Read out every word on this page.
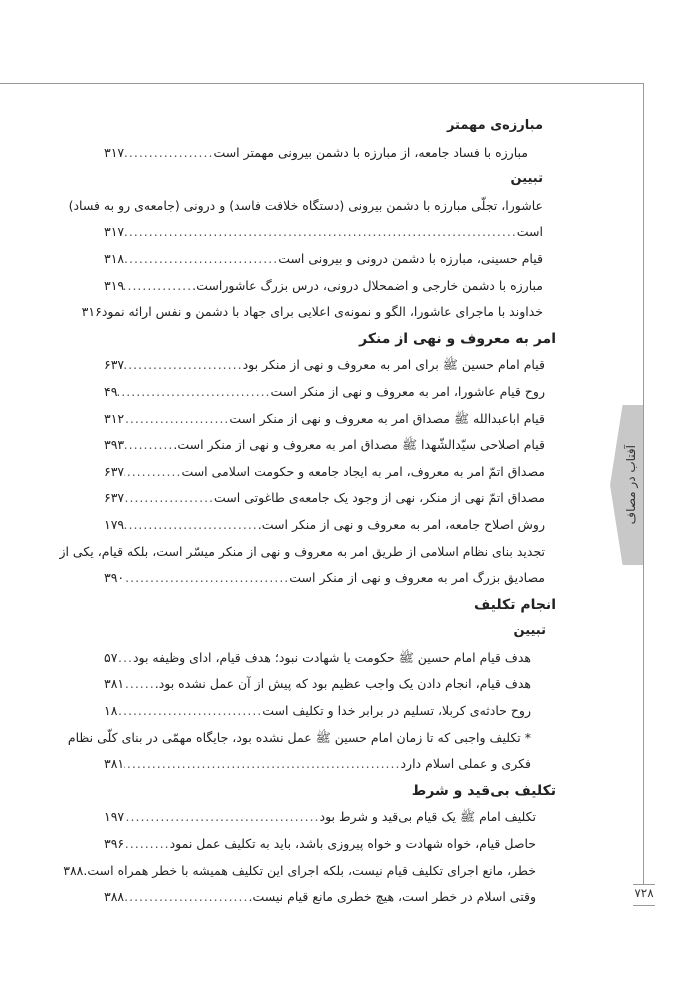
آفتاب در مصاف
۷۲۸
مبارزه‌ی مهمتر
مبارزه با فساد جامعه، از مبارزه با دشمن بیرونی مهمتر است
.....
۳۱۷
تبیین
عاشورا، تجلّی مبارزه با دشمن بیرونی (دستگاه خلافت فاسد) و درونی (جامعه‌ی رو به فساد)
است
.....
۳۱۷
قیام حسینی، مبارزه با دشمن درونی و بیرونی است
.....
۳۱۸
مبارزه با دشمن خارجی و اضمحلال درونی، درس بزرگ عاشوراست.
.....
۳۱۹
خداوند با ماجرای عاشورا، الگو و نمونه‌ی اعلایی برای جهاد با دشمن و نفس ارائه نمود
۳۱۶
امر به معروف و نهی از منکر
قیام امام حسین ﷺ برای امر به معروف و نهی از منکر بود
.....
۶۳۷
روح قیام عاشورا، امر به معروف و نهی از منکر است
.....
۴۹
قیام اباعبدالله ﷺ مصداق امر به معروف و نهی از منکر است
.....
۳۱۲
قیام اصلاحی سیّدالشّهدا ﷺ مصداق امر به معروف و نهی از منکر است.
.....
۳۹۳
مصداق اتمّ امر به معروف، امر به ایجاد جامعه و حکومت اسلامی است
.....
۶۳۷
مصداق اتمّ نهی از منکر، نهی از وجود یک جامعه‌ی طاغوتی است
.....
۶۳۷
روش اصلاح جامعه، امر به معروف و نهی از منکر است.
.....
۱۷۹
تجدید بنای نظام اسلامی از طریق امر به معروف و نهی از منکر میسّر است، بلکه قیام، یکی از
مصادیق بزرگ امر به معروف و نهی از منکر است
.....
۳۹۰
انجام تکلیف
تبیین
هدف قیام امام حسین ﷺ حکومت یا شهادت نبود؛ هدف قیام، ادای وظیفه بود
.....
۵۷
هدف قیام، انجام دادن یک واجب عظیم بود که پیش از آن عمل نشده بود.
.....
۳۸۱
روح حادثه‌ی کربلا، تسلیم در برابر خدا و تکلیف است
.....
۱۸
* تکلیف واجبی که تا زمان امام حسین ﷺ عمل نشده بود، جایگاه مهمّی در بنای کلّی نظام
فکری و عملی اسلام دارد
.....
۳۸۱
تکلیف بی‌قید و شرط
تکلیف امام ﷺ یک قیام بی‌قید و شرط بود
.....
۱۹۷
حاصل قیام، خواه شهادت و خواه پیروزی باشد، باید به تکلیف عمل نمود
.....
۳۹۶
خطر، مانع اجرای تکلیف قیام نیست، بلکه اجرای این تکلیف همیشه با خطر همراه است.
۳۸۸
وقتی اسلام در خطر است، هیچ خطری مانع قیام نیست.
.....
۳۸۸
